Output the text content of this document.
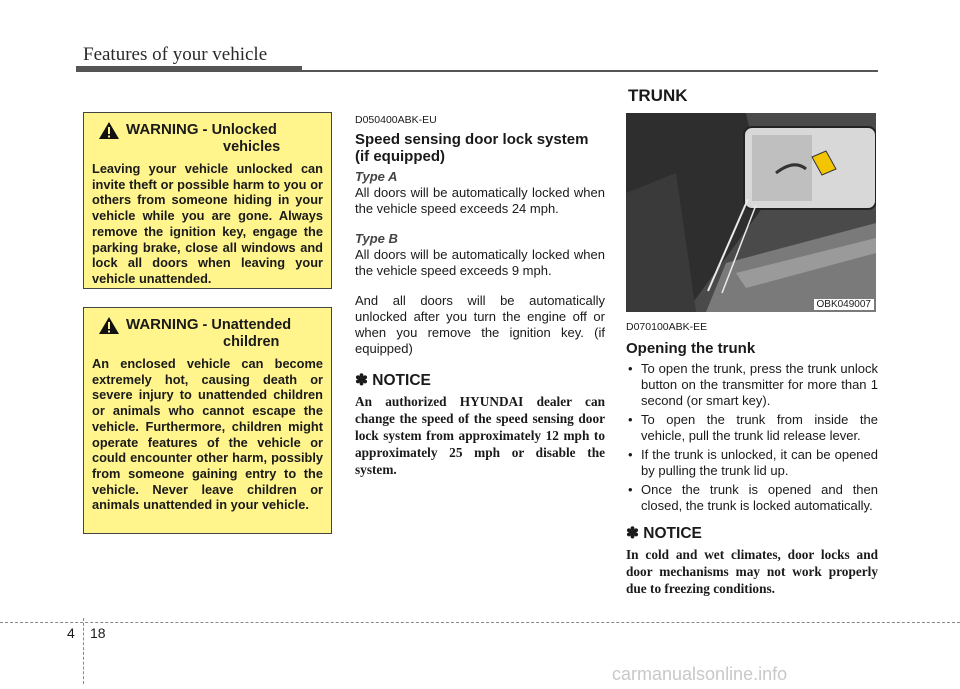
Features of your vehicle
WARNING - Unlocked
vehicles
Leaving your vehicle unlocked can invite theft or possible harm to you or others from someone hiding in your vehicle while you are gone. Always remove the ignition key, engage the parking brake, close all windows and lock all doors when leaving your vehicle unattended.
WARNING - Unattended
children
An enclosed vehicle can become extremely hot, causing death or severe injury to unattended children or animals who cannot escape the vehicle. Furthermore, children might operate features of the vehicle or could encounter other harm, possibly from someone gaining entry to the vehicle. Never leave children or animals unattended in your vehicle.
D050400ABK-EU
Speed sensing door lock system
(if equipped)
Type A
All doors will be automatically locked when the vehicle speed exceeds 24 mph.
Type B
All doors will be automatically locked when the vehicle speed exceeds 9 mph.
And all doors will be automatically unlocked after you turn the engine off or when you remove the ignition key. (if equipped)
✽ NOTICE
An authorized HYUNDAI dealer can change the speed of the speed sensing door lock system from approximately 12 mph to approximately 25 mph or disable the system.
TRUNK
OBK049007
D070100ABK-EE
Opening the trunk
• To open the trunk, press the trunk unlock button on the transmitter for more than 1 second (or smart key).
• To open the trunk from inside the vehicle, pull the trunk lid release lever.
• If the trunk is unlocked, it can be opened by pulling the trunk lid up.
• Once the trunk is opened and then closed, the trunk is locked automatically.
✽ NOTICE
In cold and wet climates, door locks and door mechanisms may not work properly due to freezing conditions.
4 18
carmanualsonline.info
